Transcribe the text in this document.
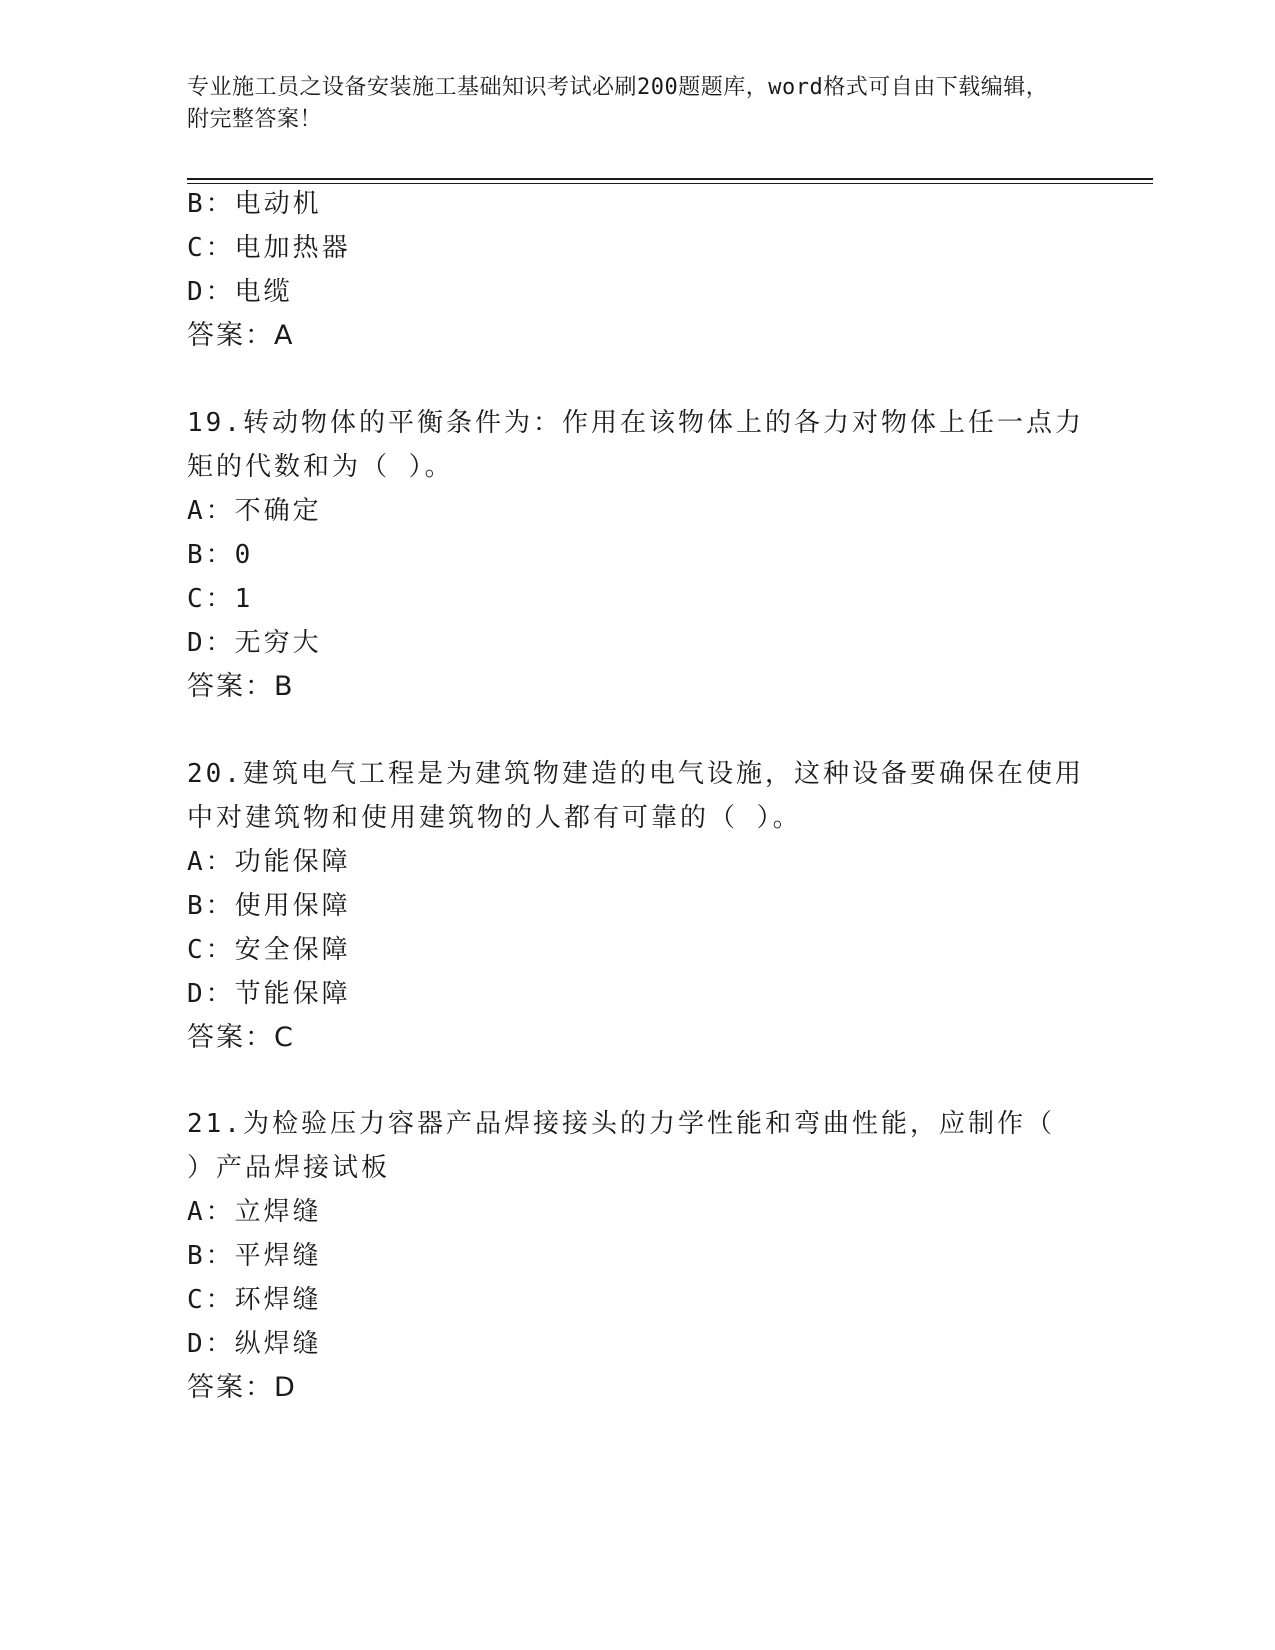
专业施工员之设备安装施工基础知识考试必刷200题题库，word格式可自由下载编辑，附完整答案！
B：电动机
C：电加热器
D：电缆
答案：A
19.转动物体的平衡条件为：作用在该物体上的各力对物体上任一点力
矩的代数和为（ ）。
A：不确定
B：0
C：1
D：无穷大
答案：B
20.建筑电气工程是为建筑物建造的电气设施，这种设备要确保在使用
中对建筑物和使用建筑物的人都有可靠的（ ）。
A：功能保障
B：使用保障
C：安全保障
D：节能保障
答案：C
21.为检验压力容器产品焊接接头的力学性能和弯曲性能，应制作（
）产品焊接试板
A：立焊缝
B：平焊缝
C：环焊缝
D：纵焊缝
答案：D
